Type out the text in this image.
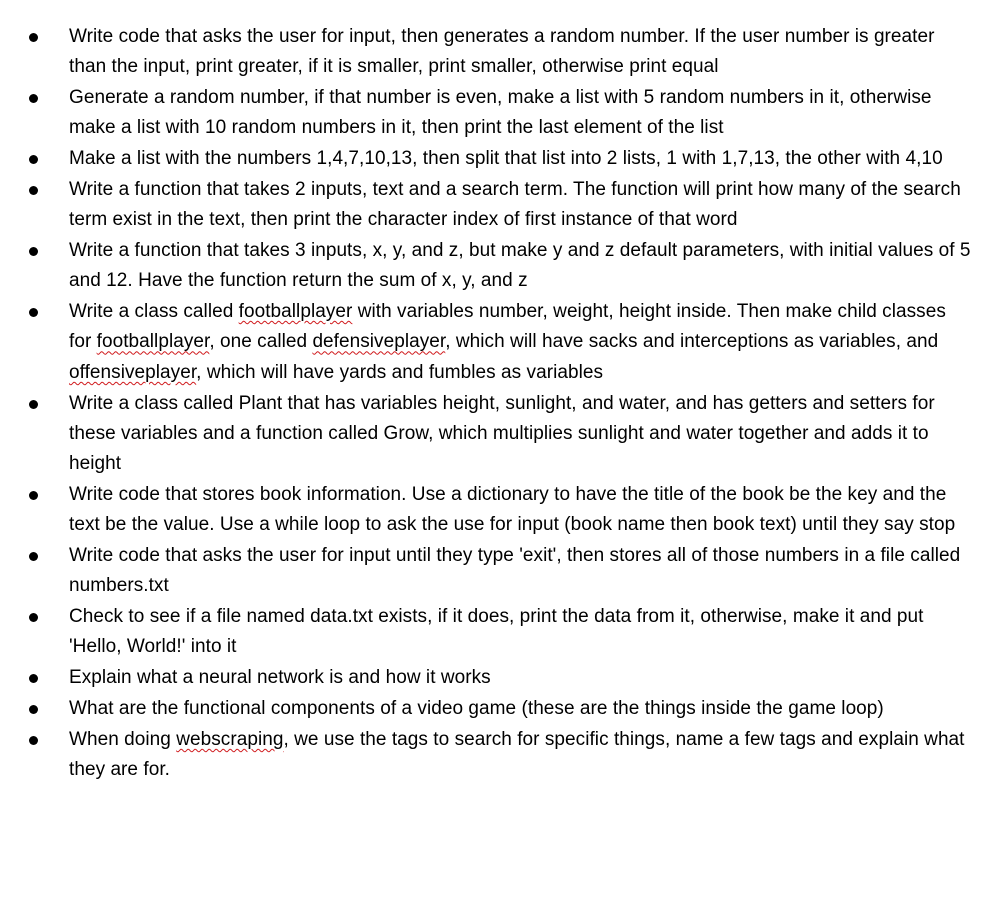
Write code that asks the user for input, then generates a random number. If the user number is greater than the input, print greater, if it is smaller, print smaller, otherwise print equal
Generate a random number, if that number is even, make a list with 5 random numbers in it, otherwise make a list with 10 random numbers in it, then print the last element of the list
Make a list with the numbers 1,4,7,10,13, then split that list into 2 lists, 1 with 1,7,13, the other with 4,10
Write a function that takes 2 inputs, text and a search term. The function will print how many of the search term exist in the text, then print the character index of first instance of that word
Write a function that takes 3 inputs, x, y, and z, but make y and z default parameters, with initial values of 5 and 12. Have the function return the sum of x, y, and z
Write a class called footballplayer with variables number, weight, height inside. Then make child classes for footballplayer, one called defensiveplayer, which will have sacks and interceptions as variables, and offensiveplayer, which will have yards and fumbles as variables
Write a class called Plant that has variables height, sunlight, and water, and has getters and setters for these variables and a function called Grow, which multiplies sunlight and water together and adds it to height
Write code that stores book information. Use a dictionary to have the title of the book be the key and the text be the value. Use a while loop to ask the use for input (book name then book text) until they say stop
Write code that asks the user for input until they type 'exit', then stores all of those numbers in a file called numbers.txt
Check to see if a file named data.txt exists, if it does, print the data from it, otherwise, make it and put 'Hello, World!' into it
Explain what a neural network is and how it works
What are the functional components of a video game (these are the things inside the game loop)
When doing webscraping, we use the tags to search for specific things, name a few tags and explain what they are for.
